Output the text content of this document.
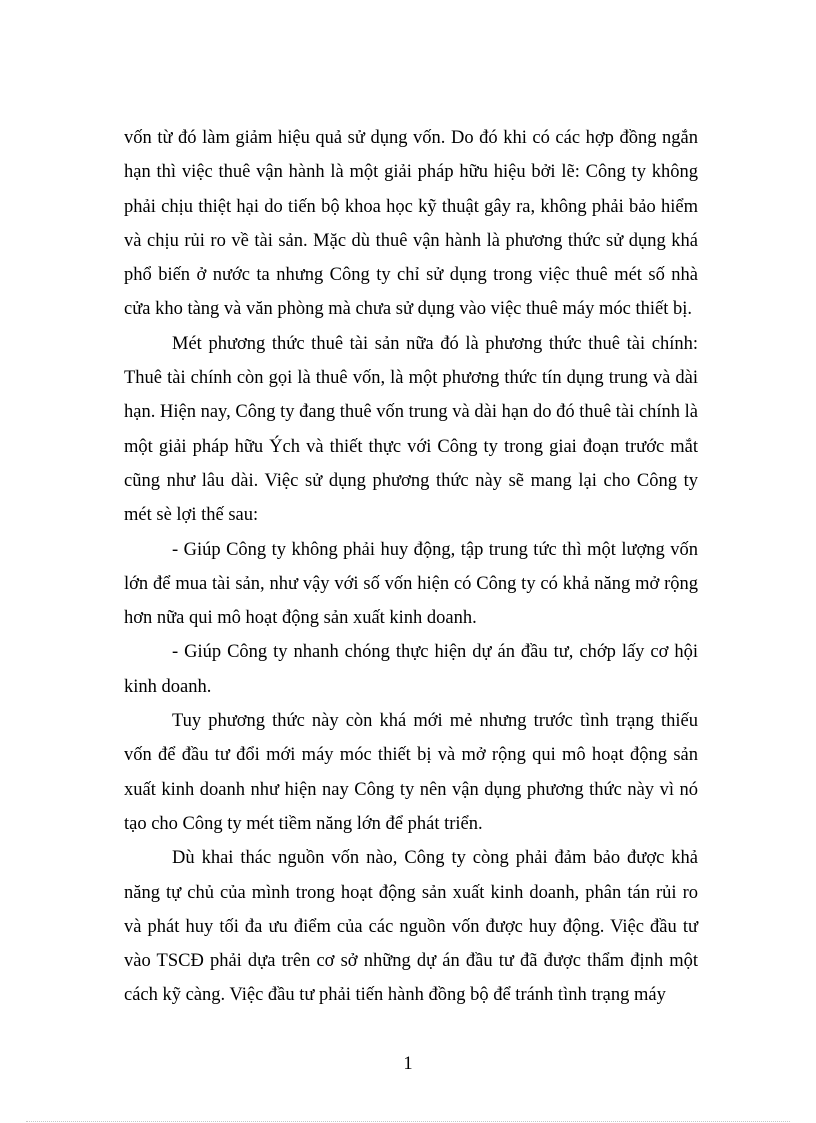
vốn từ đó làm giảm hiệu quả sử dụng vốn. Do đó khi có các hợp đồng ngắn hạn thì việc thuê vận hành là một giải pháp hữu hiệu bởi lẽ: Công ty không phải chịu thiệt hại do tiến bộ khoa học kỹ thuật gây ra, không phải bảo hiểm và chịu rủi ro về tài sản. Mặc dù thuê vận hành là phương thức sử dụng khá phổ biến ở nước ta nhưng Công ty chỉ sử dụng trong việc thuê mét số nhà cửa kho tàng và văn phòng mà chưa sử dụng vào việc thuê máy móc thiết bị.

Mét phương thức thuê tài sản nữa đó là phương thức thuê tài chính: Thuê tài chính còn gọi là thuê vốn, là một phương thức tín dụng trung và dài hạn. Hiện nay, Công ty đang thuê vốn trung và dài hạn do đó thuê tài chính là một giải pháp hữu Ých và thiết thực với Công ty trong giai đoạn trước mắt cũng như lâu dài. Việc sử dụng phương thức này sẽ mang lại cho Công ty mét sè lợi thế sau:

- Giúp Công ty không phải huy động, tập trung tức thì một lượng vốn lớn để mua tài sản, như vậy với số vốn hiện có Công ty có khả năng mở rộng hơn nữa qui mô hoạt động sản xuất kinh doanh.

- Giúp Công ty nhanh chóng thực hiện dự án đầu tư, chớp lấy cơ hội kinh doanh.

Tuy phương thức này còn khá mới mẻ nhưng trước tình trạng thiếu vốn để đầu tư đổi mới máy móc thiết bị và mở rộng qui mô hoạt động sản xuất kinh doanh như hiện nay Công ty nên vận dụng phương thức này vì nó tạo cho Công ty mét tiềm năng lớn để phát triển.

Dù khai thác nguồn vốn nào, Công ty còng phải đảm bảo được khả năng tự chủ của mình trong hoạt động sản xuất kinh doanh, phân tán rủi ro và phát huy tối đa ưu điểm của các nguồn vốn được huy động. Việc đầu tư vào TSCĐ phải dựa trên cơ sở những dự án đầu tư đã được thẩm định một cách kỹ càng. Việc đầu tư phải tiến hành đồng bộ để tránh tình trạng máy

1
